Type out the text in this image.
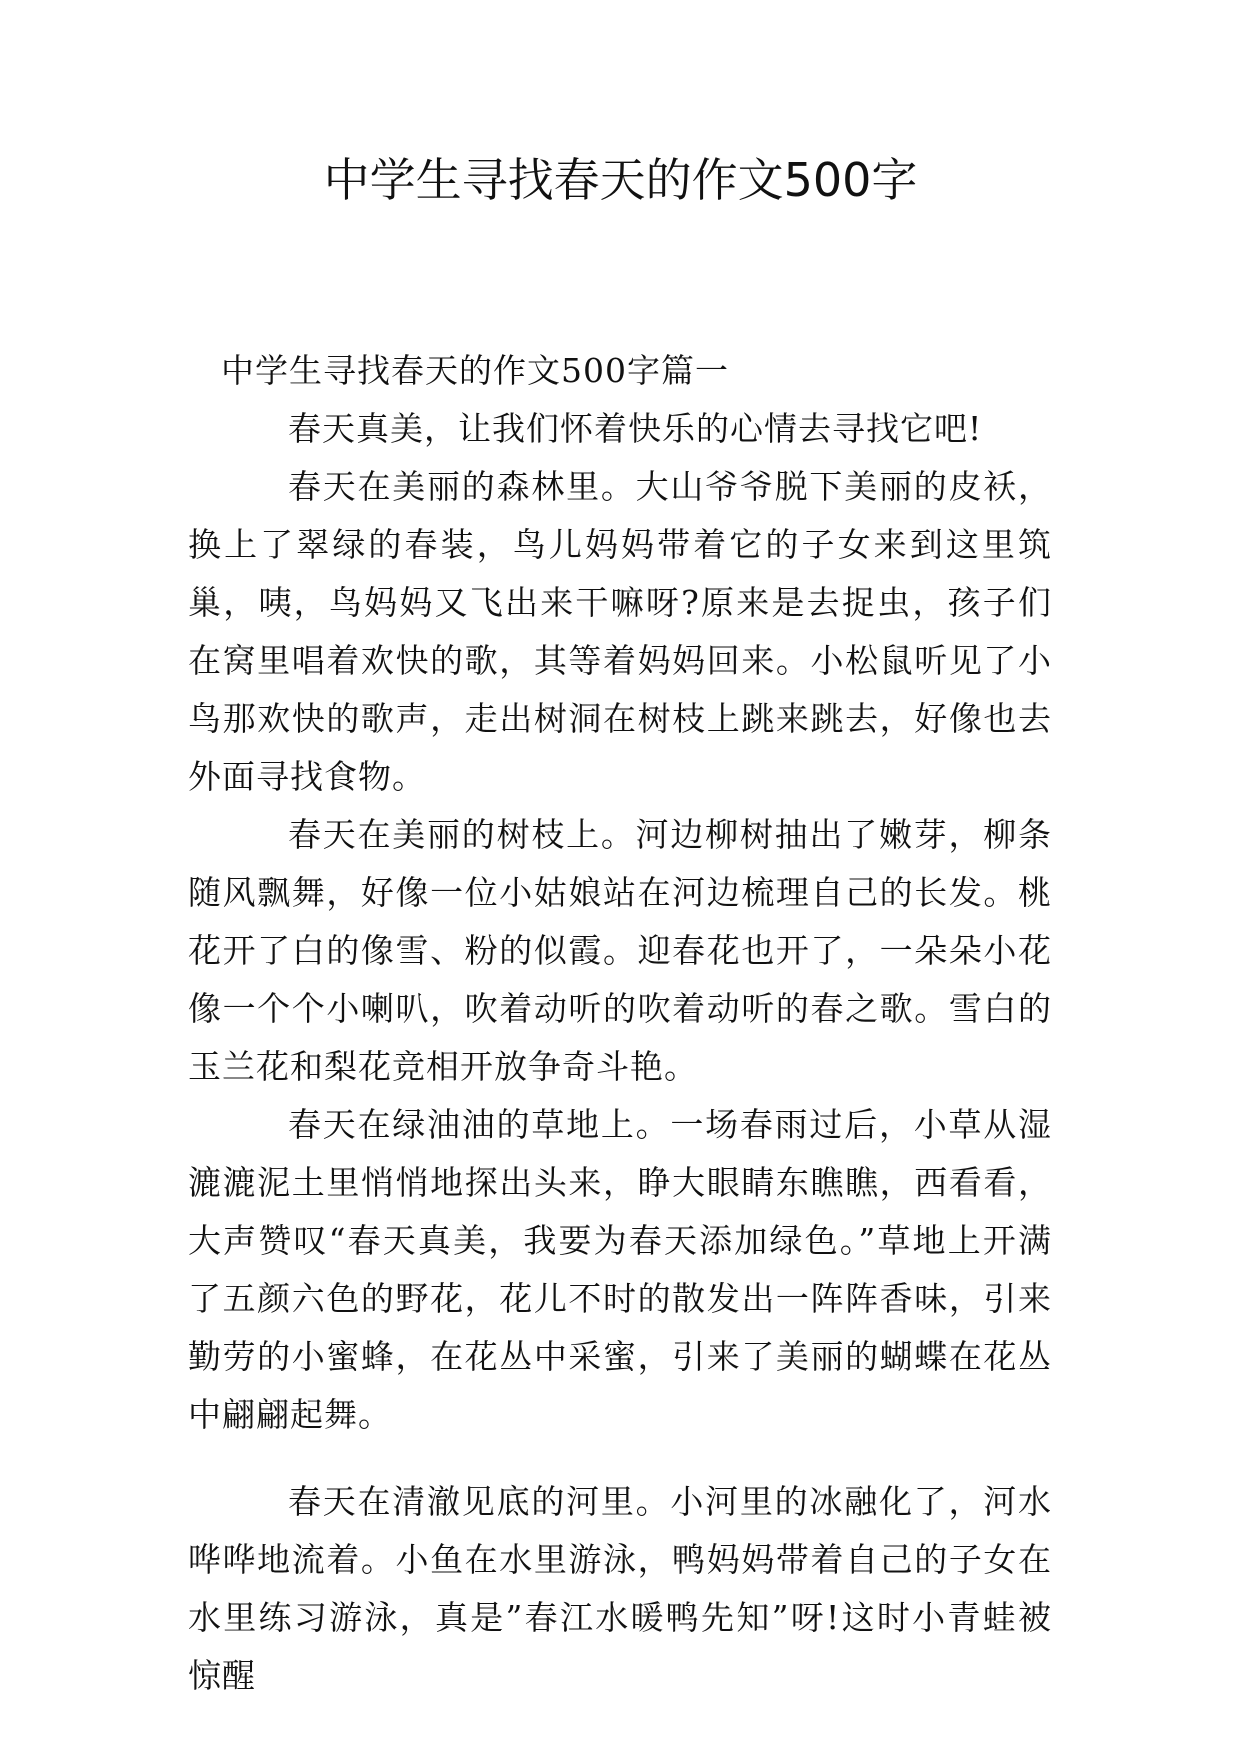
中学生寻找春天的作文500字

中学生寻找春天的作文500字篇一

春天真美，让我们怀着快乐的心情去寻找它吧!

春天在美丽的森林里。大山爷爷脱下美丽的皮袄，换上了翠绿的春装，鸟儿妈妈带着它的子女来到这里筑巢，咦，鸟妈妈又飞出来干嘛呀?原来是去捉虫，孩子们在窝里唱着欢快的歌，其等着妈妈回来。小松鼠听见了小鸟那欢快的歌声，走出树洞在树枝上跳来跳去，好像也去外面寻找食物。

春天在美丽的树枝上。河边柳树抽出了嫩芽，柳条随风飘舞，好像一位小姑娘站在河边梳理自己的长发。桃花开了白的像雪、粉的似霞。迎春花也开了，一朵朵小花像一个个小喇叭，吹着动听的吹着动听的春之歌。雪白的玉兰花和梨花竞相开放争奇斗艳。

春天在绿油油的草地上。一场春雨过后，小草从湿漉漉泥土里悄悄地探出头来，睁大眼睛东瞧瞧，西看看，大声赞叹“春天真美，我要为春天添加绿色。”草地上开满了五颜六色的野花，花儿不时的散发出一阵阵香味，引来勤劳的小蜜蜂，在花丛中采蜜，引来了美丽的蝴蝶在花丛中翩翩起舞。

春天在清澈见底的河里。小河里的冰融化了，河水哗哗地流着。小鱼在水里游泳，鸭妈妈带着自己的子女在水里练习游泳，真是”春江水暖鸭先知”呀!这时小青蛙被惊醒
